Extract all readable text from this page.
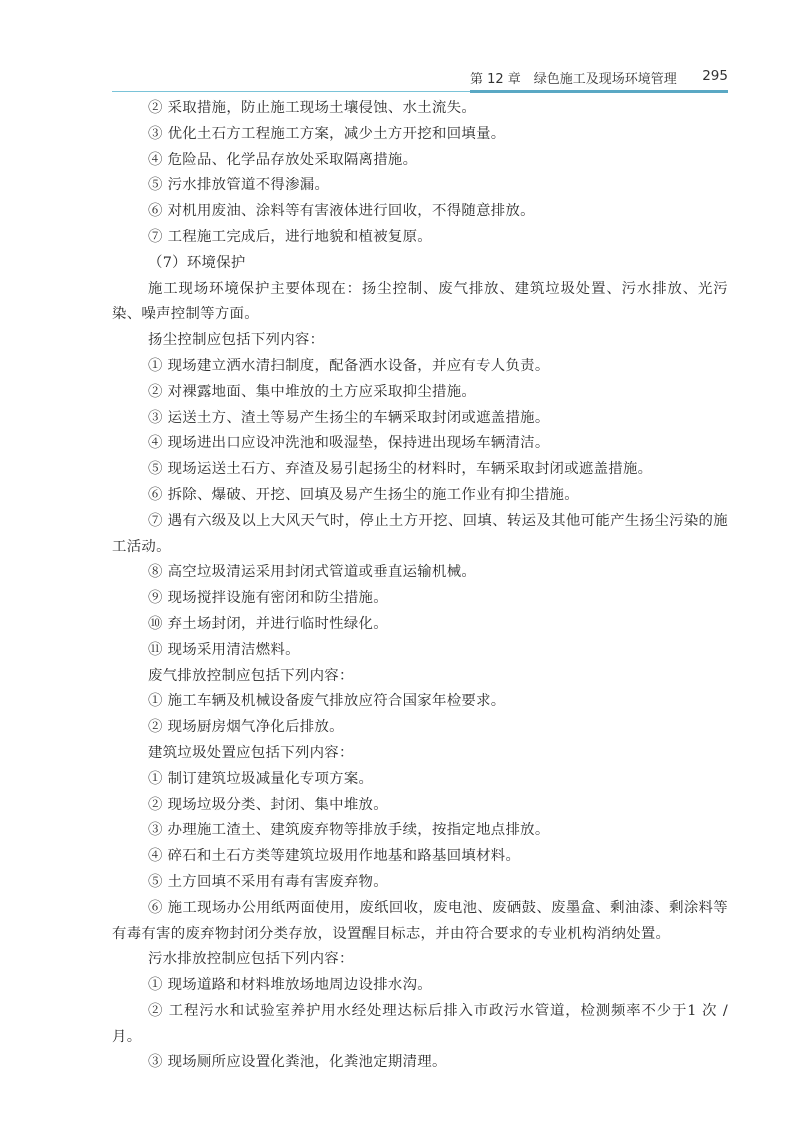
第 12 章　绿色施工及现场环境管理 295
② 采取措施，防止施工现场土壤侵蚀、水土流失。
③ 优化土石方工程施工方案，减少土方开挖和回填量。
④ 危险品、化学品存放处采取隔离措施。
⑤ 污水排放管道不得渗漏。
⑥ 对机用废油、涂料等有害液体进行回收，不得随意排放。
⑦ 工程施工完成后，进行地貌和植被复原。
（7）环境保护
施工现场环境保护主要体现在：扬尘控制、废气排放、建筑垃圾处置、污水排放、光污染、噪声控制等方面。
扬尘控制应包括下列内容：
① 现场建立洒水清扫制度，配备洒水设备，并应有专人负责。
② 对裸露地面、集中堆放的土方应采取抑尘措施。
③ 运送土方、渣土等易产生扬尘的车辆采取封闭或遮盖措施。
④ 现场进出口应设冲洗池和吸湿垫，保持进出现场车辆清洁。
⑤ 现场运送土石方、弃渣及易引起扬尘的材料时，车辆采取封闭或遮盖措施。
⑥ 拆除、爆破、开挖、回填及易产生扬尘的施工作业有抑尘措施。
⑦ 遇有六级及以上大风天气时，停止土方开挖、回填、转运及其他可能产生扬尘污染的施工活动。
⑧ 高空垃圾清运采用封闭式管道或垂直运输机械。
⑨ 现场搅拌设施有密闭和防尘措施。
⑩ 弃土场封闭，并进行临时性绿化。
⑪ 现场采用清洁燃料。
废气排放控制应包括下列内容：
① 施工车辆及机械设备废气排放应符合国家年检要求。
② 现场厨房烟气净化后排放。
建筑垃圾处置应包括下列内容：
① 制订建筑垃圾减量化专项方案。
② 现场垃圾分类、封闭、集中堆放。
③ 办理施工渣土、建筑废弃物等排放手续，按指定地点排放。
④ 碎石和土石方类等建筑垃圾用作地基和路基回填材料。
⑤ 土方回填不采用有毒有害废弃物。
⑥ 施工现场办公用纸两面使用，废纸回收，废电池、废硒鼓、废墨盒、剩油漆、剩涂料等有毒有害的废弃物封闭分类存放，设置醒目标志，并由符合要求的专业机构消纳处置。
污水排放控制应包括下列内容：
① 现场道路和材料堆放场地周边设排水沟。
② 工程污水和试验室养护用水经处理达标后排入市政污水管道，检测频率不少于1 次 / 月。
③ 现场厕所应设置化粪池，化粪池定期清理。
